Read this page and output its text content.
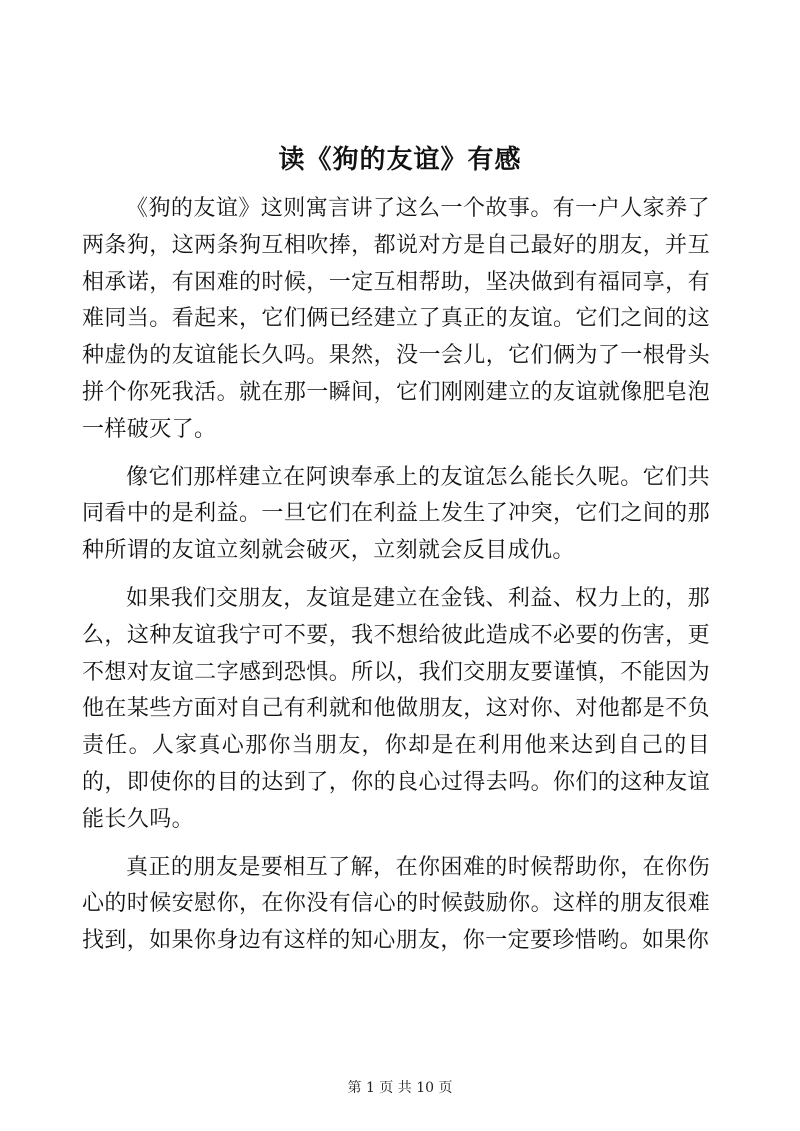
读《狗的友谊》有感

《狗的友谊》这则寓言讲了这么一个故事。有一户人家养了两条狗，这两条狗互相吹捧，都说对方是自己最好的朋友，并互相承诺，有困难的时候，一定互相帮助，坚决做到有福同享，有难同当。看起来，它们俩已经建立了真正的友谊。它们之间的这种虚伪的友谊能长久吗。果然，没一会儿，它们俩为了一根骨头拼个你死我活。就在那一瞬间，它们刚刚建立的友谊就像肥皂泡一样破灭了。

像它们那样建立在阿谀奉承上的友谊怎么能长久呢。它们共同看中的是利益。一旦它们在利益上发生了冲突，它们之间的那种所谓的友谊立刻就会破灭，立刻就会反目成仇。

如果我们交朋友，友谊是建立在金钱、利益、权力上的，那么，这种友谊我宁可不要，我不想给彼此造成不必要的伤害，更不想对友谊二字感到恐惧。所以，我们交朋友要谨慎，不能因为他在某些方面对自己有利就和他做朋友，这对你、对他都是不负责任。人家真心那你当朋友，你却是在利用他来达到自己的目的，即使你的目的达到了，你的良心过得去吗。你们的这种友谊能长久吗。

真正的朋友是要相互了解，在你困难的时候帮助你，在你伤心的时候安慰你，在你没有信心的时候鼓励你。这样的朋友很难找到，如果你身边有这样的知心朋友，你一定要珍惜哟。如果你

第 1 页 共 10 页
